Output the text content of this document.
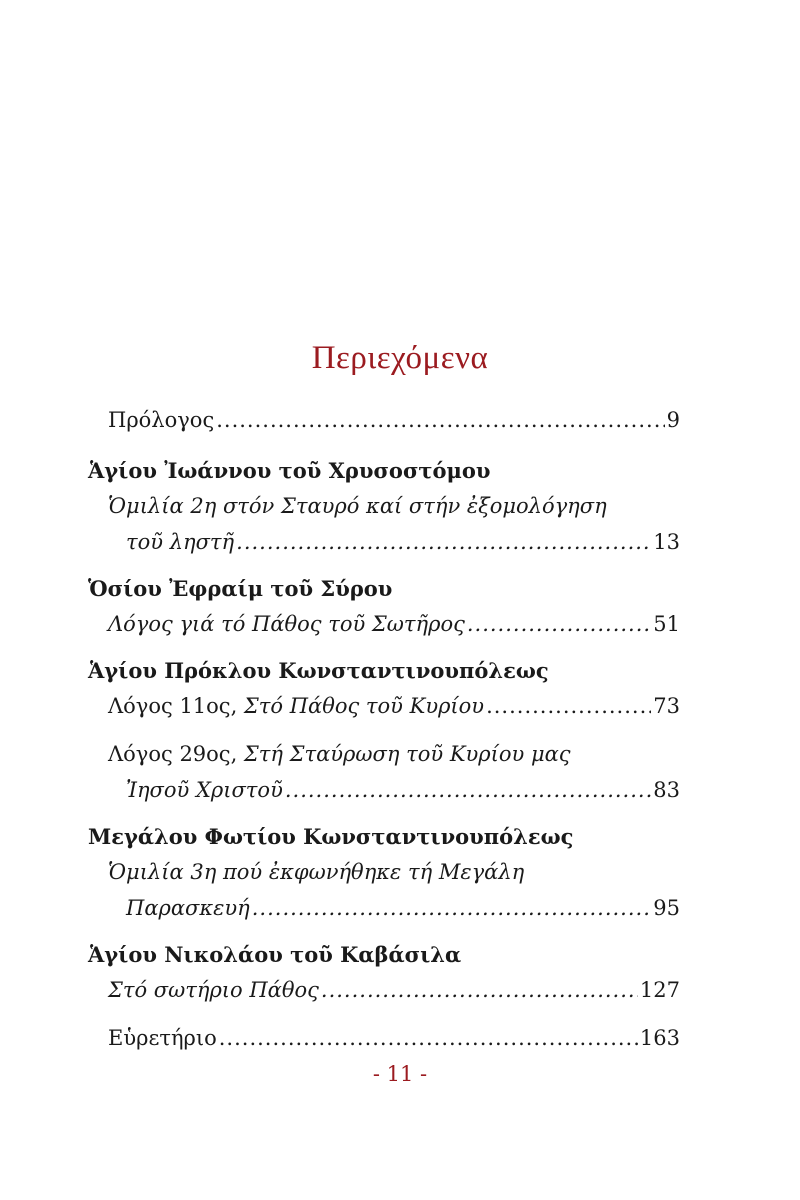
Περιεχόμενα
Πρόλογος .....	9
Ἁγίου Ἰωάννου τοῦ Χρυσοστόμου
Ὁμιλία 2η στόν Σταυρό καί στήν ἐξομολόγηση
τοῦ ληστῆ .....	13
Ὁσίου Ἐφραίμ τοῦ Σύρου
Λόγος γιά τό Πάθος τοῦ Σωτῆρος .....	51
Ἁγίου Πρόκλου Κωνσταντινουπόλεως
Λόγος 11ος, Στό Πάθος τοῦ Κυρίου .....	73
Λόγος 29ος, Στή Σταύρωση τοῦ Κυρίου μας
Ἰησοῦ Χριστοῦ .....	83
Μεγάλου Φωτίου Κωνσταντινουπόλεως
Ὁμιλία 3η πού ἐκφωνήθηκε τή Μεγάλη
Παρασκευή .....	95
Ἁγίου Νικολάου τοῦ Καβάσιλα
Στό σωτήριο Πάθος .....	127
Εὑρετήριο .....	163
- 11 -
